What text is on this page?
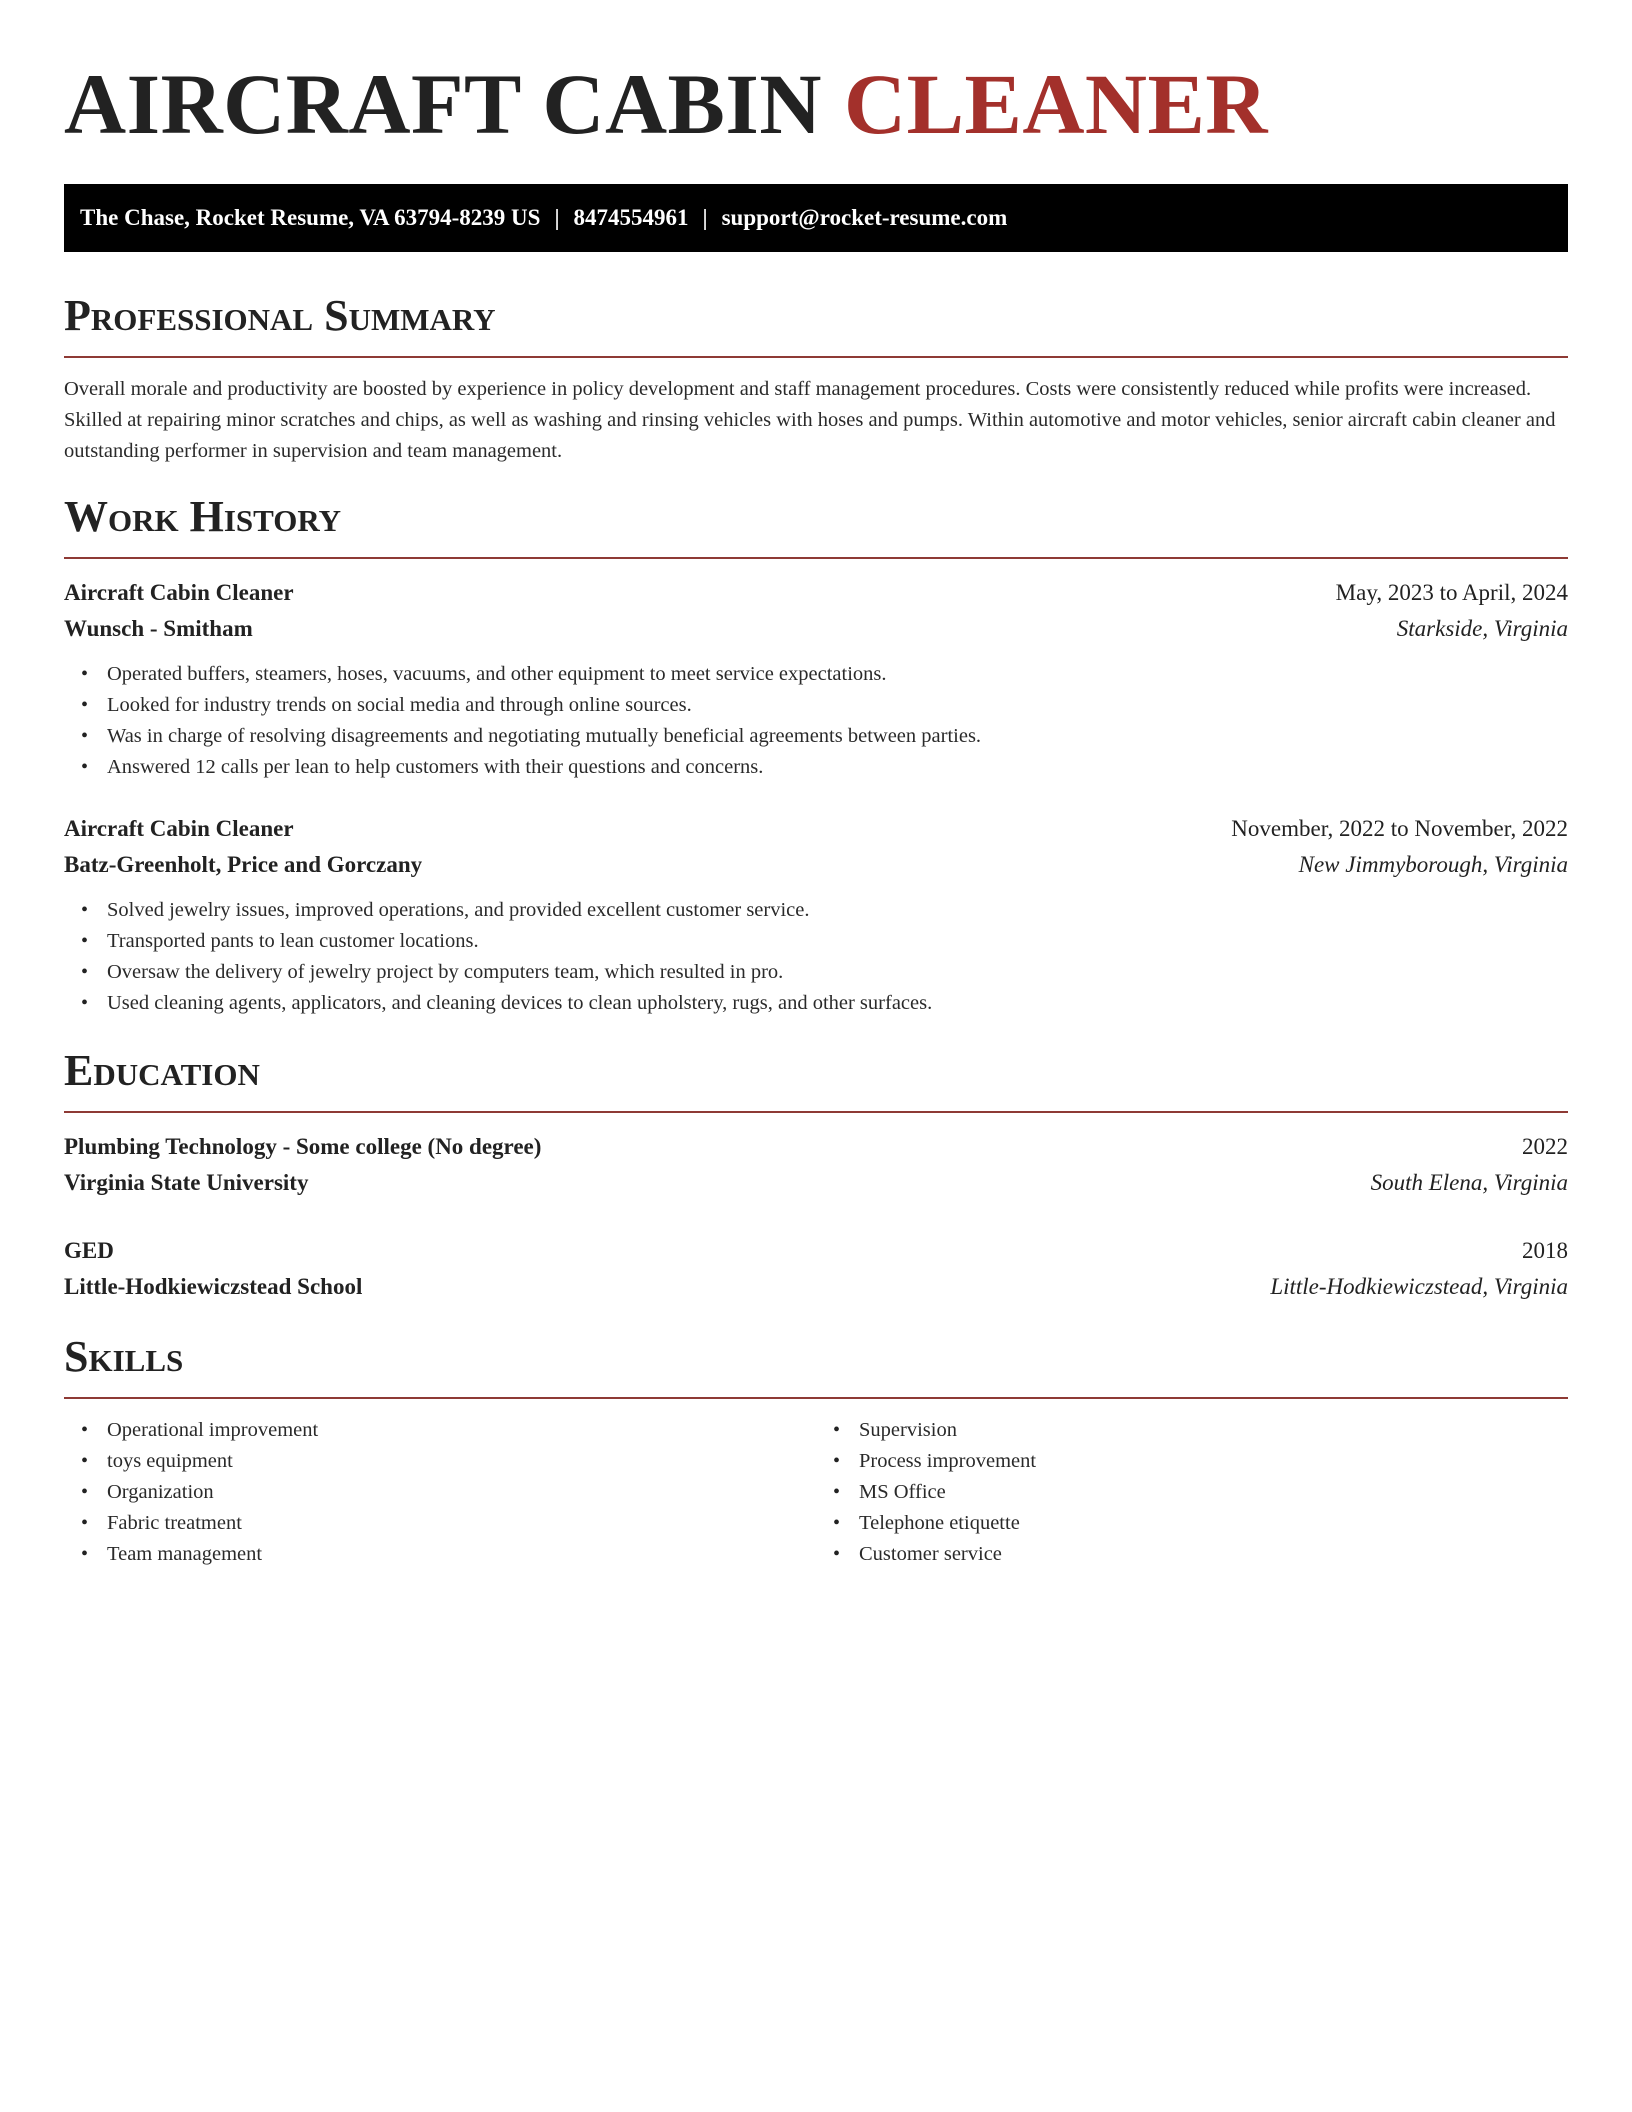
AIRCRAFT CABIN CLEANER
The Chase, Rocket Resume, VA 63794-8239 US | 8474554961 | support@rocket-resume.com
Professional Summary

Overall morale and productivity are boosted by experience in policy development and staff management procedures. Costs were consistently reduced while profits were increased. Skilled at repairing minor scratches and chips, as well as washing and rinsing vehicles with hoses and pumps. Within automotive and motor vehicles, senior aircraft cabin cleaner and outstanding performer in supervision and team management.

Work History
Aircraft Cabin Cleaner	May, 2023 to April, 2024
Wunsch - Smitham	Starkside, Virginia
• Operated buffers, steamers, hoses, vacuums, and other equipment to meet service expectations.
• Looked for industry trends on social media and through online sources.
• Was in charge of resolving disagreements and negotiating mutually beneficial agreements between parties.
• Answered 12 calls per lean to help customers with their questions and concerns.
Aircraft Cabin Cleaner	November, 2022 to November, 2022
Batz-Greenholt, Price and Gorczany	New Jimmyborough, Virginia
• Solved jewelry issues, improved operations, and provided excellent customer service.
• Transported pants to lean customer locations.
• Oversaw the delivery of jewelry project by computers team, which resulted in pro.
• Used cleaning agents, applicators, and cleaning devices to clean upholstery, rugs, and other surfaces.
Education
Plumbing Technology - Some college (No degree)	2022
Virginia State University	South Elena, Virginia
GED	2018
Little-Hodkiewiczstead School	Little-Hodkiewiczstead, Virginia
Skills
• Operational improvement
• toys equipment
• Organization
• Fabric treatment
• Team management
• Supervision
• Process improvement
• MS Office
• Telephone etiquette
• Customer service
